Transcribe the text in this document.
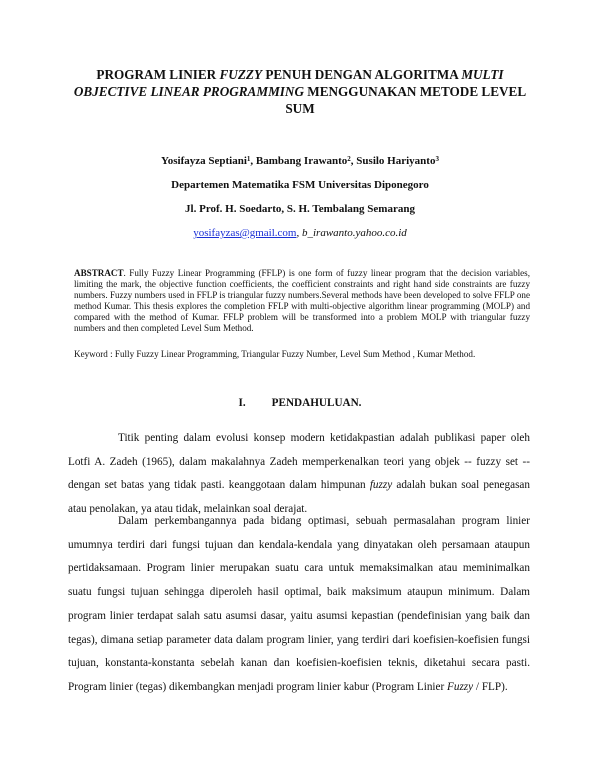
PROGRAM LINIER FUZZY PENUH DENGAN ALGORITMA MULTI OBJECTIVE LINEAR PROGRAMMING MENGGUNAKAN METODE LEVEL SUM
Yosifayza Septiani$^1$, Bambang Irawanto$^2$, Susilo Hariyanto$^3$
Departemen Matematika FSM Universitas Diponegoro
Jl. Prof. H. Soedarto, S. H. Tembalang Semarang
yosifayzas@gmail.com, b_irawanto.yahoo.co.id
ABSTRACT. Fully Fuzzy Linear Programming (FFLP) is one form of fuzzy linear program that the decision variables, limiting the mark, the objective function coefficients, the coefficient constraints and right hand side constraints are fuzzy numbers. Fuzzy numbers used in FFLP is triangular fuzzy numbers.Several methods have been developed to solve FFLP one method Kumar. This thesis explores the completion FFLP with multi-objective algorithm linear programming (MOLP) and compared with the method of Kumar. FFLP problem will be transformed into a problem MOLP with triangular fuzzy numbers and then completed Level Sum Method.
Keyword : Fully Fuzzy Linear Programming, Triangular Fuzzy Number, Level Sum Method , Kumar Method.
I. PENDAHULUAN.
Titik penting dalam evolusi konsep modern ketidakpastian adalah publikasi paper oleh Lotfi A. Zadeh (1965), dalam makalahnya Zadeh memperkenalkan teori yang objek -- fuzzy set -- dengan set batas yang tidak pasti. keanggotaan dalam himpunan fuzzy adalah bukan soal penegasan atau penolakan, ya atau tidak, melainkan soal derajat.
Dalam perkembangannya pada bidang optimasi, sebuah permasalahan program linier umumnya terdiri dari fungsi tujuan dan kendala-kendala yang dinyatakan oleh persamaan ataupun pertidaksamaan. Program linier merupakan suatu cara untuk memaksimalkan atau meminimalkan suatu fungsi tujuan sehingga diperoleh hasil optimal, baik maksimum ataupun minimum. Dalam program linier terdapat salah satu asumsi dasar, yaitu asumsi kepastian (pendefinisian yang baik dan tegas), dimana setiap parameter data dalam program linier, yang terdiri dari koefisien-koefisien fungsi tujuan, konstanta-konstanta sebelah kanan dan koefisien-koefisien teknis, diketahui secara pasti. Program linier (tegas) dikembangkan menjadi program linier kabur (Program Linier Fuzzy / FLP).
